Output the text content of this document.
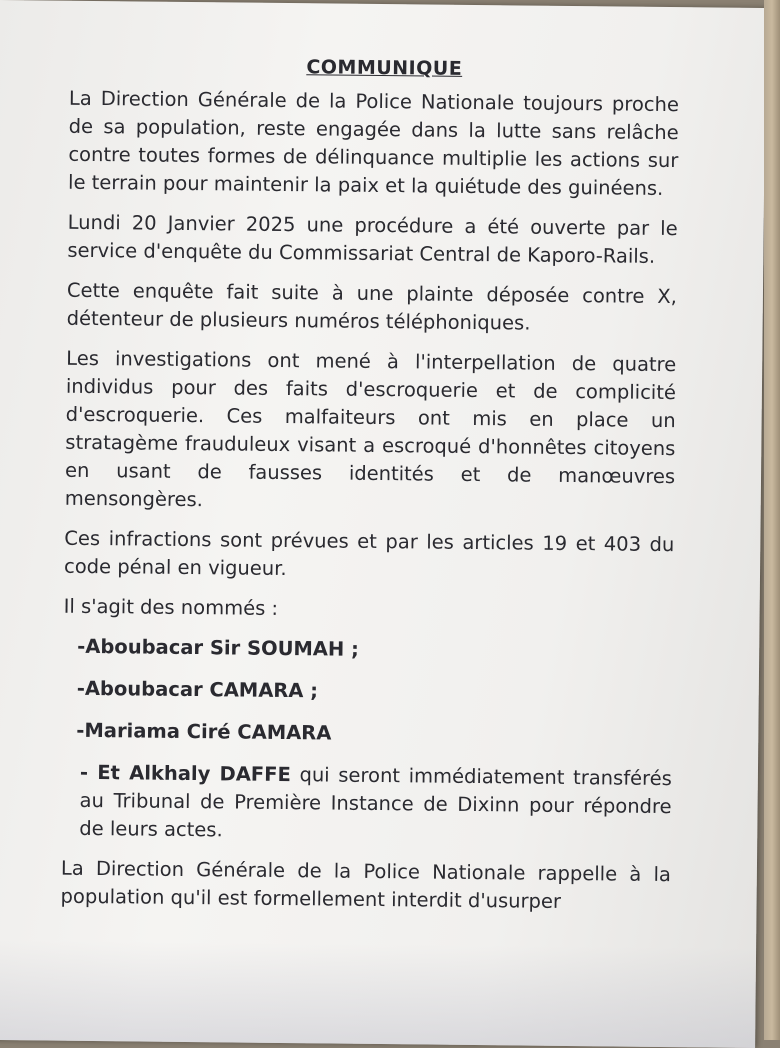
COMMUNIQUE

La Direction Générale de la Police Nationale toujours proche de sa population, reste engagée dans la lutte sans relâche contre toutes formes de délinquance multiplie les actions sur le terrain pour maintenir la paix et la quiétude des guinéens.

Lundi 20 Janvier 2025 une procédure a été ouverte par le service d'enquête du Commissariat Central de Kaporo-Rails.

Cette enquête fait suite à une plainte déposée contre X, détenteur de plusieurs numéros téléphoniques.

Les investigations ont mené à l'interpellation de quatre individus pour des faits d'escroquerie et de complicité d'escroquerie. Ces malfaiteurs ont mis en place un stratagème frauduleux visant a escroqué d'honnêtes citoyens en usant de fausses identités et de manœuvres mensongères.

Ces infractions sont prévues et par les articles 19 et 403 du code pénal en vigueur.

Il s'agit des nommés :

-Aboubacar Sir SOUMAH ;
-Aboubacar CAMARA ;
-Mariama Ciré CAMARA

- Et Alkhaly DAFFE qui seront immédiatement transférés au Tribunal de Première Instance de Dixinn pour répondre de leurs actes.

La Direction Générale de la Police Nationale rappelle à la population qu'il est formellement interdit d'usurper
